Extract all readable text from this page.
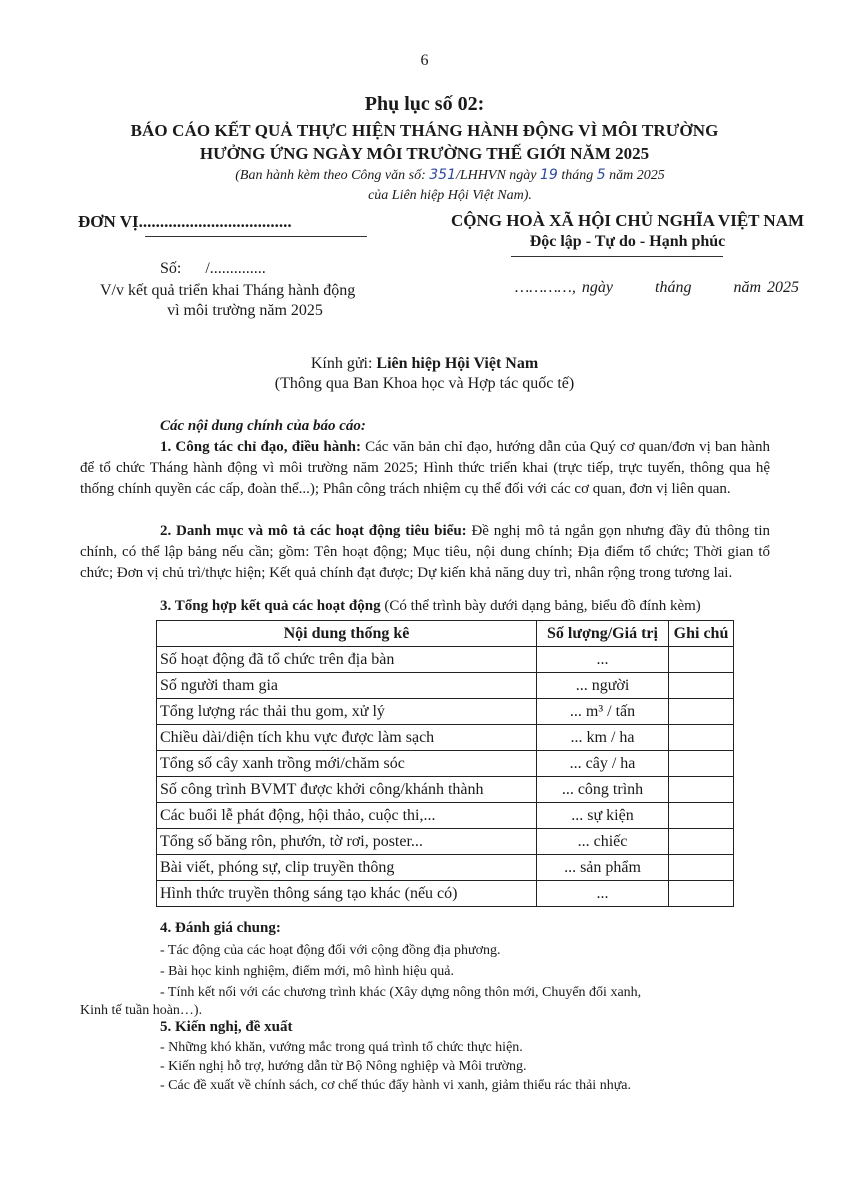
6
Phụ lục số 02:
BÁO CÁO KẾT QUẢ THỰC HIỆN THÁNG HÀNH ĐỘNG VÌ MÔI TRƯỜNG
HƯỞNG ỨNG NGÀY MÔI TRƯỜNG THẾ GIỚI NĂM 2025
(Ban hành kèm theo Công văn số: 351/LHHVN ngày 19 tháng 5 năm 2025
của Liên hiệp Hội Việt Nam).
ĐƠN VỊ....................................
Số:      /..............
V/v kết quả triển khai Tháng hành động
vì môi trường năm 2025
CỘNG HOÀ XÃ HỘI CHỦ NGHĨA VIỆT NAM
Độc lập - Tự do - Hạnh phúc
…………, ngày       tháng       năm 2025
Kính gửi: Liên hiệp Hội Việt Nam
(Thông qua Ban Khoa học và Hợp tác quốc tế)
Các nội dung chính của báo cáo:
1. Công tác chỉ đạo, điều hành: Các văn bản chỉ đạo, hướng dẫn của Quý cơ quan/đơn vị ban hành để tổ chức Tháng hành động vì môi trường năm 2025; Hình thức triển khai (trực tiếp, trực tuyến, thông qua hệ thống chính quyền các cấp, đoàn thể...); Phân công trách nhiệm cụ thể đối với các cơ quan, đơn vị liên quan.
2. Danh mục và mô tả các hoạt động tiêu biểu: Đề nghị mô tả ngắn gọn nhưng đầy đủ thông tin chính, có thể lập bảng nếu cần; gồm: Tên hoạt động; Mục tiêu, nội dung chính; Địa điểm tổ chức; Thời gian tổ chức; Đơn vị chủ trì/thực hiện; Kết quả chính đạt được; Dự kiến khả năng duy trì, nhân rộng trong tương lai.
3. Tổng hợp kết quả các hoạt động (Có thể trình bày dưới dạng bảng, biểu đồ đính kèm)
Nội dung thống kê	Số lượng/Giá trị	Ghi chú
Số hoạt động đã tổ chức trên địa bàn	...	
Số người tham gia	... người	
Tổng lượng rác thải thu gom, xử lý	... m³ / tấn	
Chiều dài/diện tích khu vực được làm sạch	... km / ha	
Tổng số cây xanh trồng mới/chăm sóc	... cây / ha	
Số công trình BVMT được khởi công/khánh thành	... công trình	
Các buổi lễ phát động, hội thảo, cuộc thi,...	... sự kiện	
Tổng số băng rôn, phướn, tờ rơi, poster...	... chiếc	
Bài viết, phóng sự, clip truyền thông	... sản phẩm	
Hình thức truyền thông sáng tạo khác (nếu có)	...	
4. Đánh giá chung:
- Tác động của các hoạt động đối với cộng đồng địa phương.
- Bài học kinh nghiệm, điểm mới, mô hình hiệu quả.
- Tính kết nối với các chương trình khác (Xây dựng nông thôn mới, Chuyển đổi xanh,
Kinh tế tuần hoàn…).
5. Kiến nghị, đề xuất
- Những khó khăn, vướng mắc trong quá trình tổ chức thực hiện.
- Kiến nghị hỗ trợ, hướng dẫn từ Bộ Nông nghiệp và Môi trường.
- Các đề xuất về chính sách, cơ chế thúc đẩy hành vi xanh, giảm thiểu rác thải nhựa.
